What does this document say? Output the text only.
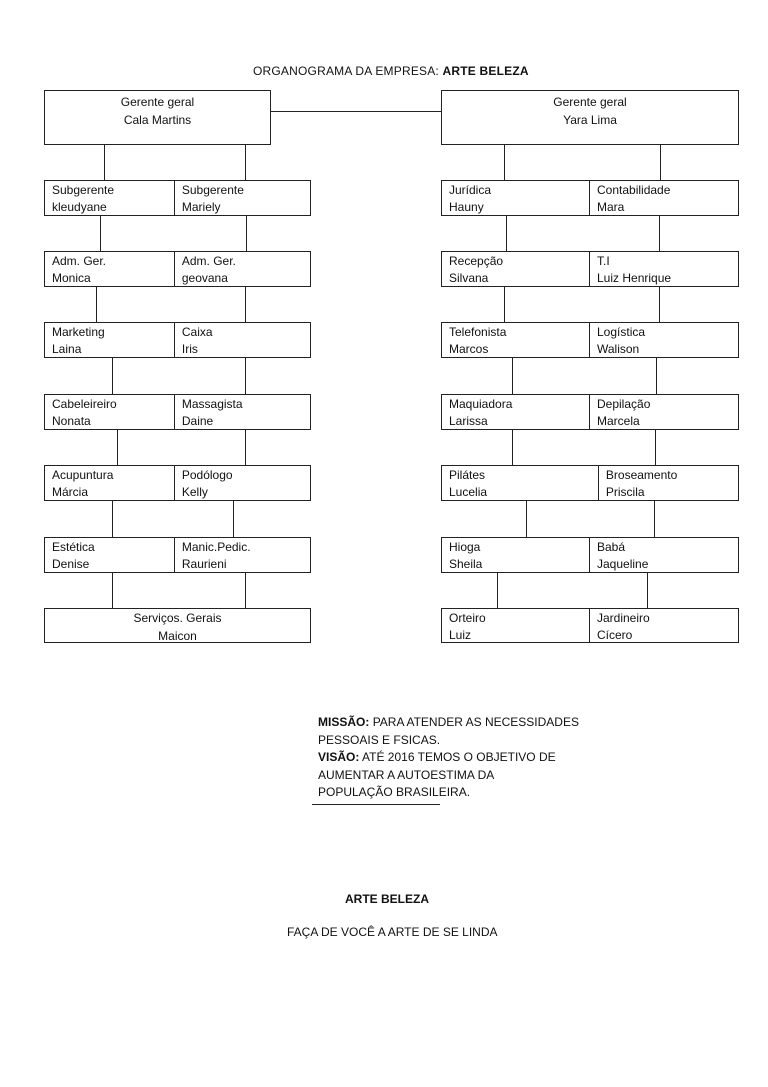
ORGANOGRAMA DA EMPRESA: ARTE BELEZA
Gerente geral
Cala Martins
Gerente geral
Yara Lima
Subgerente
kleudyane
Subgerente
Mariely
Adm. Ger.
Monica
Adm. Ger.
geovana
Marketing
Laina
Caixa
Iris
Cabeleireiro
Nonata
Massagista
Daine
Acupuntura
Márcia
Podólogo
Kelly
Estética
Denise
Manic.Pedic.
Raurieni
Serviços. Gerais
Maicon
Jurídica
Hauny
Contabilidade
Mara
Recepção
Silvana
T.I
Luiz Henrique
Telefonista
Marcos
Logística
Walison
Maquiadora
Larissa
Depilação
Marcela
Pilátes
Lucelia
Broseamento
Priscila
Hioga
Sheila
Babá
Jaqueline
Orteiro
Luiz
Jardineiro
Cícero
MISSÃO: PARA ATENDER AS NECESSIDADES
PESSOAIS E FSICAS.
VISÃO: ATÉ 2016 TEMOS O OBJETIVO DE
AUMENTAR A AUTOESTIMA DA
POPULAÇÃO BRASILEIRA.
ARTE BELEZA
FAÇA DE VOCÊ A ARTE DE SE LINDA
